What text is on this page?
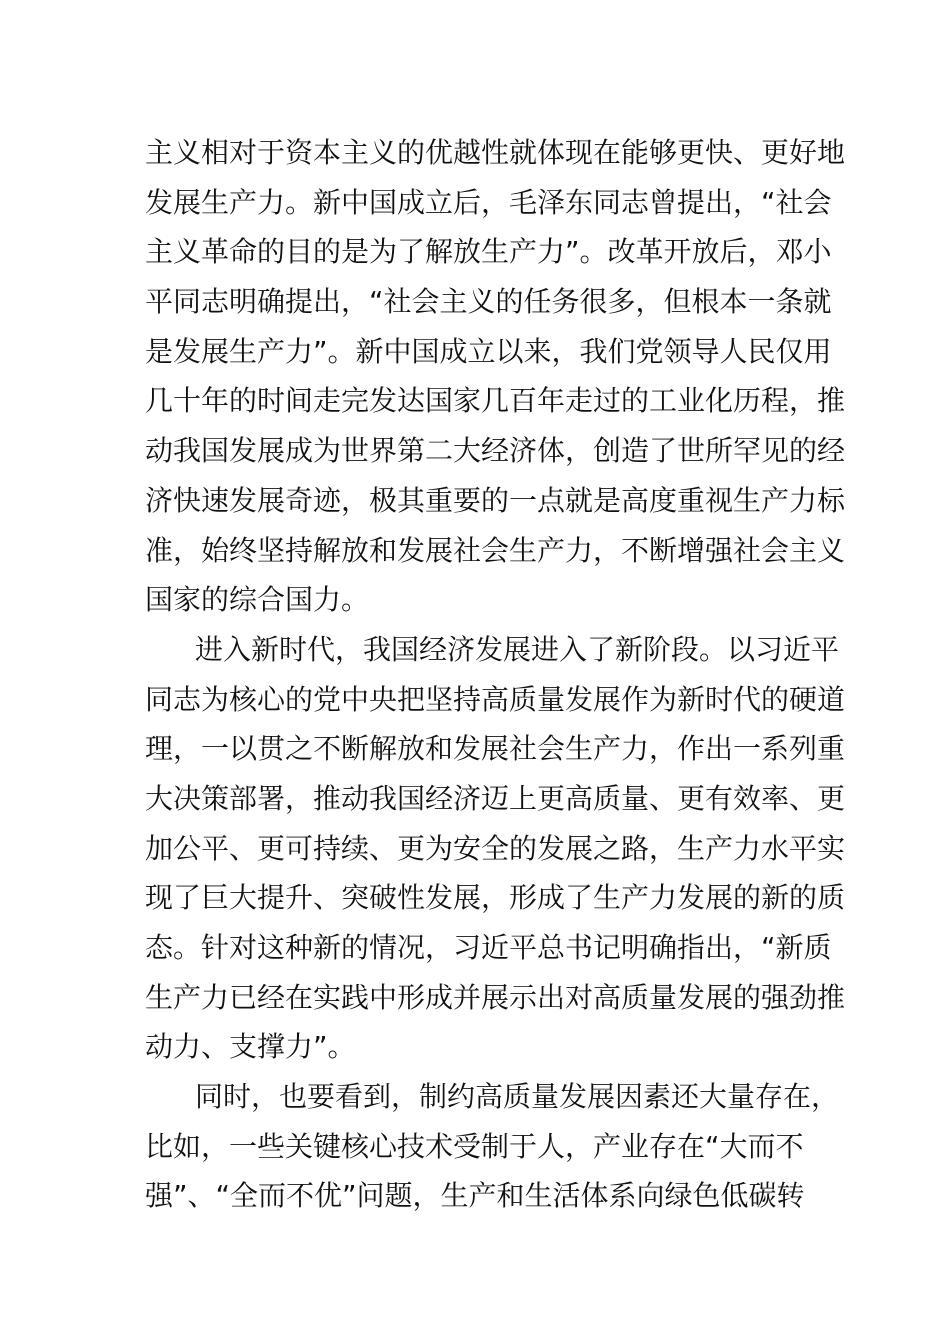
主义相对于资本主义的优越性就体现在能够更快、更好地
发展生产力。新中国成立后，毛泽东同志曾提出，“社会
主义革命的目的是为了解放生产力”。改革开放后，邓小
平同志明确提出，“社会主义的任务很多，但根本一条就
是发展生产力”。新中国成立以来，我们党领导人民仅用
几十年的时间走完发达国家几百年走过的工业化历程，推
动我国发展成为世界第二大经济体，创造了世所罕见的经
济快速发展奇迹，极其重要的一点就是高度重视生产力标
准，始终坚持解放和发展社会生产力，不断增强社会主义
国家的综合国力。
进入新时代，我国经济发展进入了新阶段。以习近平
同志为核心的党中央把坚持高质量发展作为新时代的硬道
理，一以贯之不断解放和发展社会生产力，作出一系列重
大决策部署，推动我国经济迈上更高质量、更有效率、更
加公平、更可持续、更为安全的发展之路，生产力水平实
现了巨大提升、突破性发展，形成了生产力发展的新的质
态。针对这种新的情况，习近平总书记明确指出，“新质
生产力已经在实践中形成并展示出对高质量发展的强劲推
动力、支撑力”。
同时，也要看到，制约高质量发展因素还大量存在，
比如，一些关键核心技术受制于人，产业存在“大而不
强”、“全而不优”问题，生产和生活体系向绿色低碳转
